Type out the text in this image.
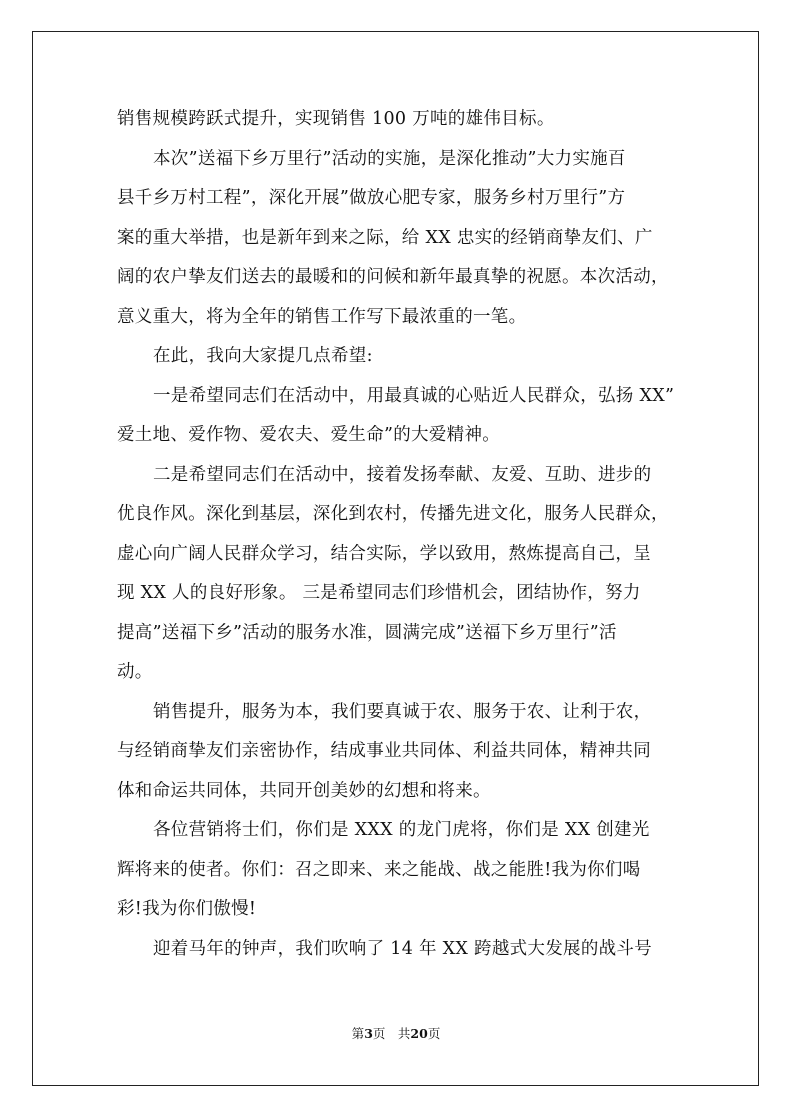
销售规模跨跃式提升，实现销售 100 万吨的雄伟目标。
本次”送福下乡万里行”活动的实施，是深化推动”大力实施百
县千乡万村工程”，深化开展”做放心肥专家，服务乡村万里行”方
案的重大举措，也是新年到来之际，给 XX 忠实的经销商挚友们、广
阔的农户挚友们送去的最暖和的问候和新年最真挚的祝愿。本次活动，
意义重大，将为全年的销售工作写下最浓重的一笔。
在此，我向大家提几点希望:
一是希望同志们在活动中，用最真诚的心贴近人民群众，弘扬 XX”
爱土地、爱作物、爱农夫、爱生命”的大爱精神。
二是希望同志们在活动中，接着发扬奉献、友爱、互助、进步的
优良作风。深化到基层，深化到农村，传播先进文化，服务人民群众，
虚心向广阔人民群众学习，结合实际，学以致用，熬炼提高自己，呈
现 XX 人的良好形象。 三是希望同志们珍惜机会，团结协作，努力
提高”送福下乡”活动的服务水准，圆满完成”送福下乡万里行”活
动。
销售提升，服务为本，我们要真诚于农、服务于农、让利于农，
与经销商挚友们亲密协作，结成事业共同体、利益共同体，精神共同
体和命运共同体，共同开创美妙的幻想和将来。
各位营销将士们，你们是 XXX 的龙门虎将，你们是 XX 创建光
辉将来的使者。你们：召之即来、来之能战、战之能胜!我为你们喝
彩!我为你们傲慢!
迎着马年的钟声，我们吹响了 14 年 XX 跨越式大发展的战斗号
第3页　共20页
